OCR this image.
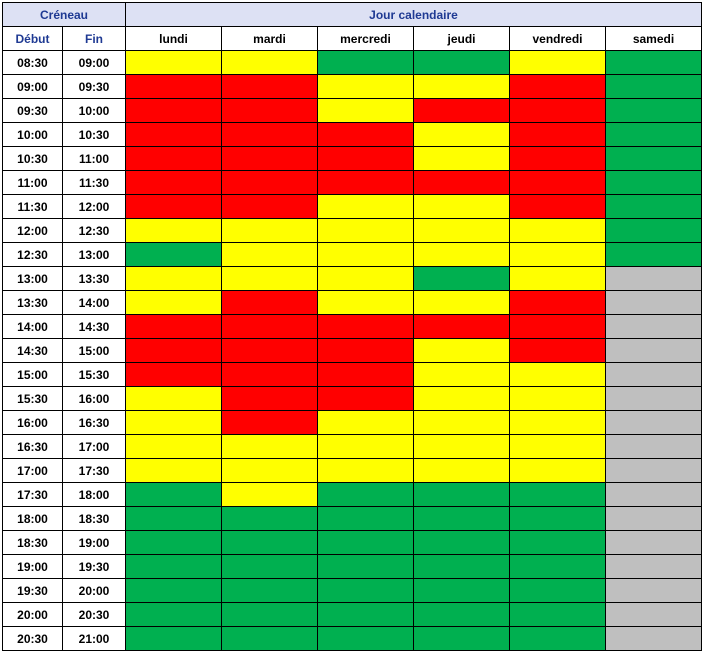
Créneau		Jour calendaire					
Début	Fin	lundi	mardi	mercredi	jeudi	vendredi	samedi
08:30	09:00						
09:00	09:30						
09:30	10:00						
10:00	10:30						
10:30	11:00						
11:00	11:30						
11:30	12:00						
12:00	12:30						
12:30	13:00						
13:00	13:30						
13:30	14:00						
14:00	14:30						
14:30	15:00						
15:00	15:30						
15:30	16:00						
16:00	16:30						
16:30	17:00						
17:00	17:30						
17:30	18:00						
18:00	18:30						
18:30	19:00						
19:00	19:30						
19:30	20:00						
20:00	20:30						
20:30	21:00						
